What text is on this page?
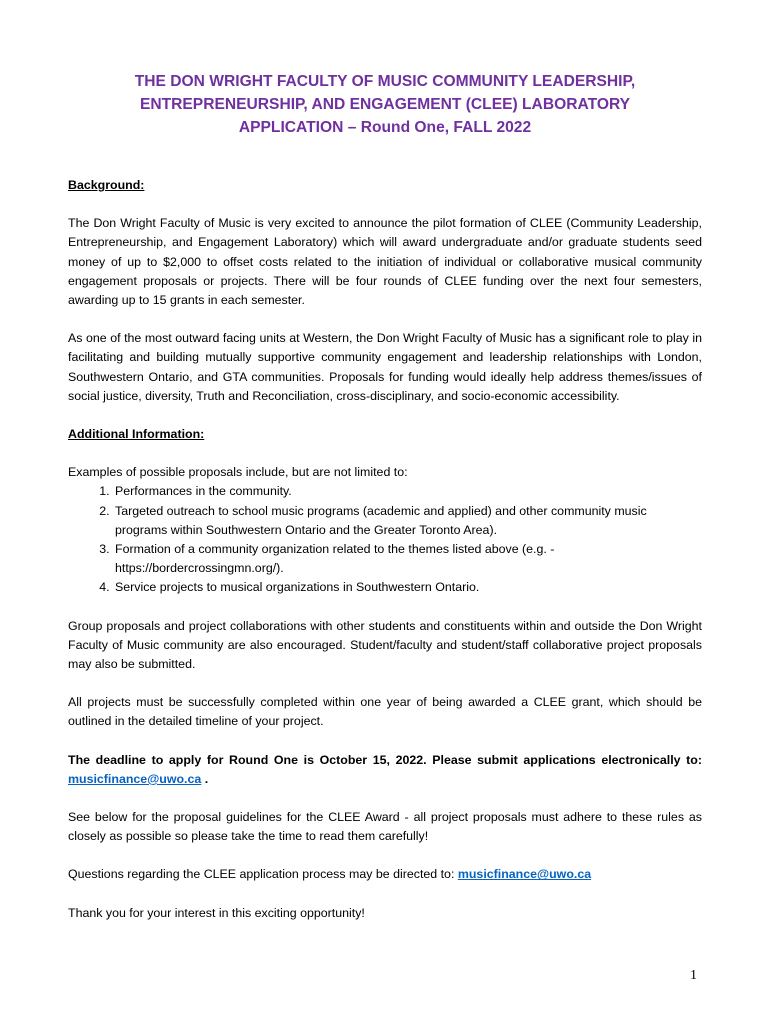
THE DON WRIGHT FACULTY OF MUSIC COMMUNITY LEADERSHIP,
ENTREPRENEURSHIP, AND ENGAGEMENT (CLEE) LABORATORY
APPLICATION – Round One, FALL 2022

Background:

The Don Wright Faculty of Music is very excited to announce the pilot formation of CLEE (Community Leadership, Entrepreneurship, and Engagement Laboratory) which will award undergraduate and/or graduate students seed money of up to $2,000 to offset costs related to the initiation of individual or collaborative musical community engagement proposals or projects. There will be four rounds of CLEE funding over the next four semesters, awarding up to 15 grants in each semester.

As one of the most outward facing units at Western, the Don Wright Faculty of Music has a significant role to play in facilitating and building mutually supportive community engagement and leadership relationships with London, Southwestern Ontario, and GTA communities. Proposals for funding would ideally help address themes/issues of social justice, diversity, Truth and Reconciliation, cross-disciplinary, and socio-economic accessibility.

Additional Information:

Examples of possible proposals include, but are not limited to:

1. Performances in the community.
2. Targeted outreach to school music programs (academic and applied) and other community music programs within Southwestern Ontario and the Greater Toronto Area).
3. Formation of a community organization related to the themes listed above (e.g. - https://bordercrossingmn.org/).
4. Service projects to musical organizations in Southwestern Ontario.

Group proposals and project collaborations with other students and constituents within and outside the Don Wright Faculty of Music community are also encouraged. Student/faculty and student/staff collaborative project proposals may also be submitted.

All projects must be successfully completed within one year of being awarded a CLEE grant, which should be outlined in the detailed timeline of your project.

The deadline to apply for Round One is October 15, 2022. Please submit applications electronically to: musicfinance@uwo.ca .

See below for the proposal guidelines for the CLEE Award - all project proposals must adhere to these rules as closely as possible so please take the time to read them carefully!

Questions regarding the CLEE application process may be directed to: musicfinance@uwo.ca

Thank you for your interest in this exciting opportunity!

1
